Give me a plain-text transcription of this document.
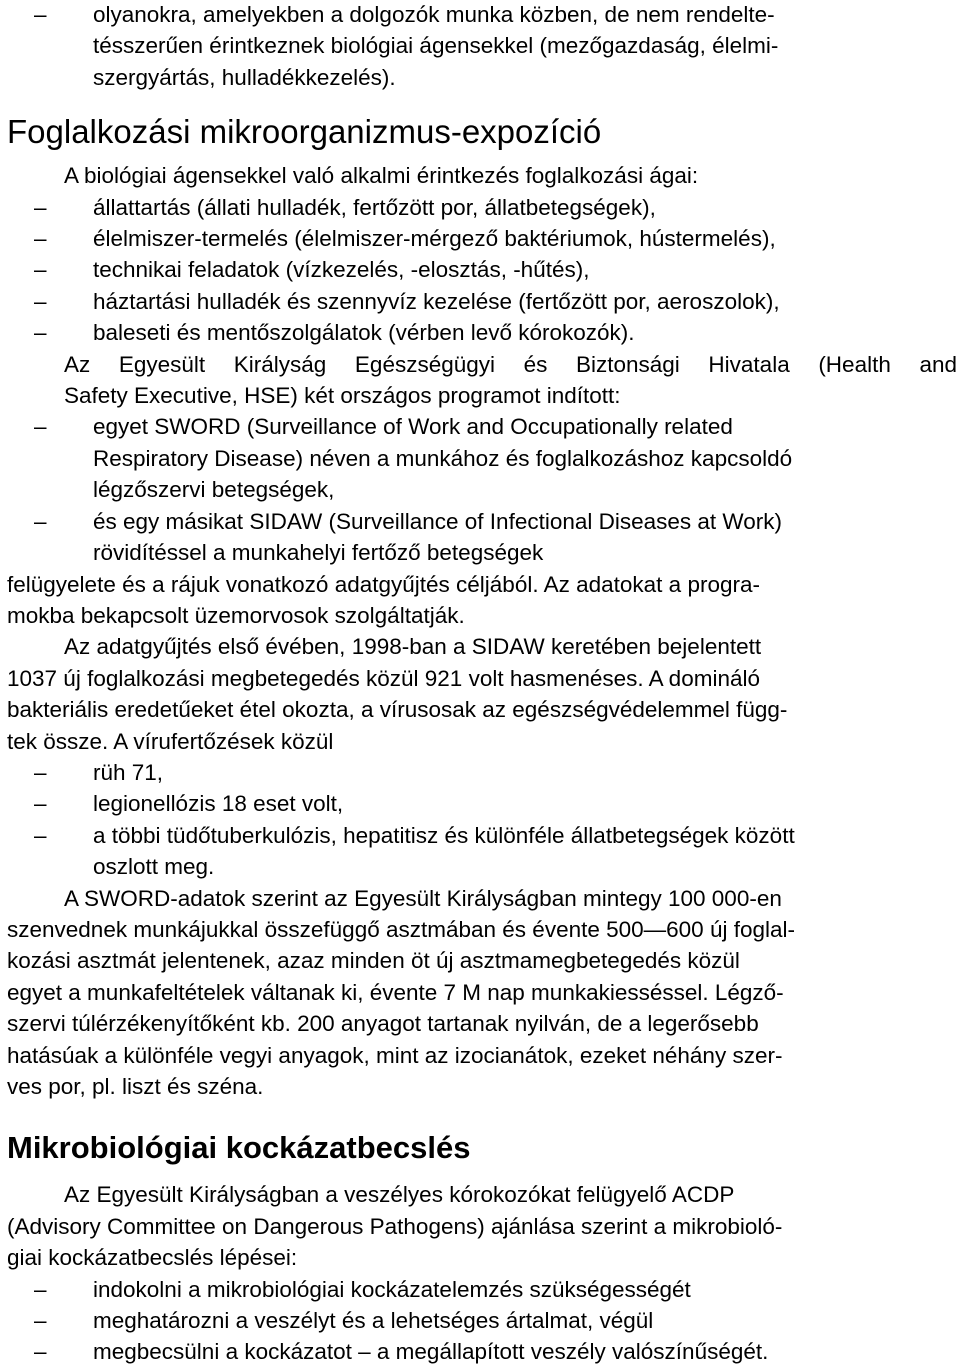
– olyanokra, amelyekben a dolgozók munka közben, de nem rendelte-
tésszerűen érintkeznek biológiai ágensekkel (mezőgazdaság, élelmi-
szergyártás, hulladékkezelés).
Foglalkozási mikroorganizmus-expozíció

A biológiai ágensekkel való alkalmi érintkezés foglalkozási ágai:

– állattartás (állati hulladék, fertőzött por, állatbetegségek),
– élelmiszer-termelés (élelmiszer-mérgező baktériumok, hústermelés),
– technikai feladatok (vízkezelés, -elosztás, -hűtés),
– háztartási hulladék és szennyvíz kezelése (fertőzött por, aeroszolok),
– baleseti és mentőszolgálatok (vérben levő kórokozók).

Az Egyesült Királyság Egészségügyi és Biztonsági Hivatala (Health and
Safety Executive, HSE) két országos programot indított:

– egyet SWORD (Surveillance of Work and Occupationally related
Respiratory Disease) néven a munkához és foglalkozáshoz kapcsoldó
légzőszervi betegségek,
– és egy másikat SIDAW (Surveillance of Infectional Diseases at Work)
rövidítéssel a munkahelyi fertőző betegségek

felügyelete és a rájuk vonatkozó adatgyűjtés céljából. Az adatokat a progra-
mokba bekapcsolt üzemorvosok szolgáltatják.

Az adatgyűjtés első évében, 1998-ban a SIDAW keretében bejelentett
1037 új foglalkozási megbetegedés közül 921 volt hasmenéses. A domináló
bakteriális eredetűeket étel okozta, a vírusosak az egészségvédelemmel függ-
tek össze. A vírufertőzések közül

– rüh 71,
– legionellózis 18 eset volt,
– a többi tüdőtuberkulózis, hepatitisz és különféle állatbetegségek között
oszlott meg.

A SWORD-adatok szerint az Egyesült Királyságban mintegy 100 000-en
szenvednek munkájukkal összefüggő asztmában és évente 500—600 új foglal-
kozási asztmát jelentenek, azaz minden öt új asztmamegbetegedés közül
egyet a munkafeltételek váltanak ki, évente 7 M nap munkakiesséssel. Légző-
szervi túlérzékenyítőként kb. 200 anyagot tartanak nyilván, de a legerősebb
hatásúak a különféle vegyi anyagok, mint az izocianátok, ezeket néhány szer-
ves por, pl. liszt és széna.

Mikrobiológiai kockázatbecslés

Az Egyesült Királyságban a veszélyes kórokozókat felügyelő ACDP
(Advisory Committee on Dangerous Pathogens) ajánlása szerint a mikrobioló-
giai kockázatbecslés lépései:

– indokolni a mikrobiológiai kockázatelemzés szükségességét
– meghatározni a veszélyt és a lehetséges ártalmat, végül
– megbecsülni a kockázatot – a megállapított veszély valószínűségét.
